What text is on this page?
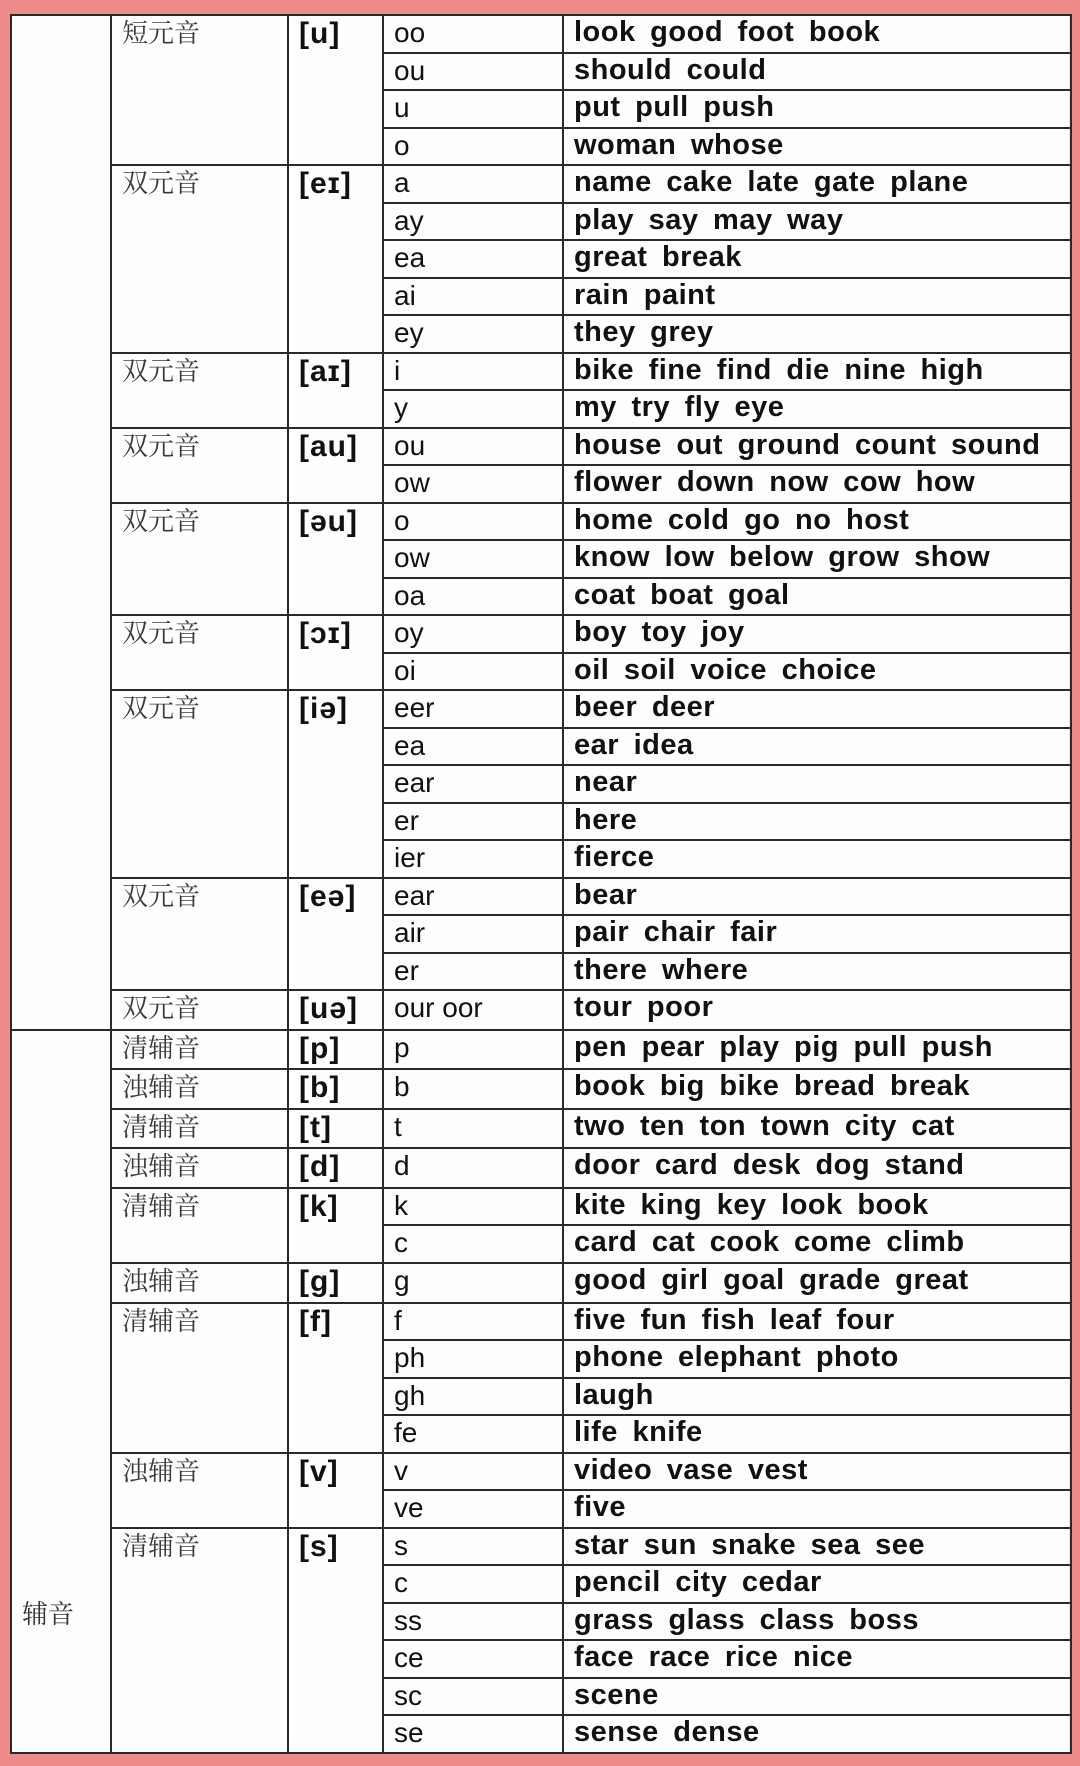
	短元音	[u]	oo	look good foot book
			ou	should could
			u	put pull push
			o	woman whose
	双元音	[eɪ]	a	name cake late gate plane
			ay	play say may way
			ea	great break
			ai	rain paint
			ey	they grey
	双元音	[aɪ]	i	bike fine find die nine high
			y	my try fly eye
	双元音	[au]	ou	house out ground count sound
			ow	flower down now cow how
	双元音	[əu]	o	home cold go no host
			ow	know low below grow show
			oa	coat boat goal
	双元音	[ɔɪ]	oy	boy toy joy
			oi	oil soil voice choice
	双元音	[iə]	eer	beer deer
			ea	ear idea
			ear	near
			er	here
			ier	fierce
	双元音	[eə]	ear	bear
			air	pair chair fair
			er	there where
	双元音	[uə]	our oor	tour poor
辅音	清辅音	[p]	p	pen pear play pig pull push
	浊辅音	[b]	b	book big bike bread break
	清辅音	[t]	t	two ten ton town city cat
	浊辅音	[d]	d	door card desk dog stand
	清辅音	[k]	k	kite king key look book
			c	card cat cook come climb
	浊辅音	[g]	g	good girl goal grade great
	清辅音	[f]	f	five fun fish leaf four
			ph	phone elephant photo
			gh	laugh
			fe	life knife
	浊辅音	[v]	v	video vase vest
			ve	five
	清辅音	[s]	s	star sun snake sea see
			c	pencil city cedar
			ss	grass glass class boss
			ce	face race rice nice
			sc	scene
			se	sense dense
